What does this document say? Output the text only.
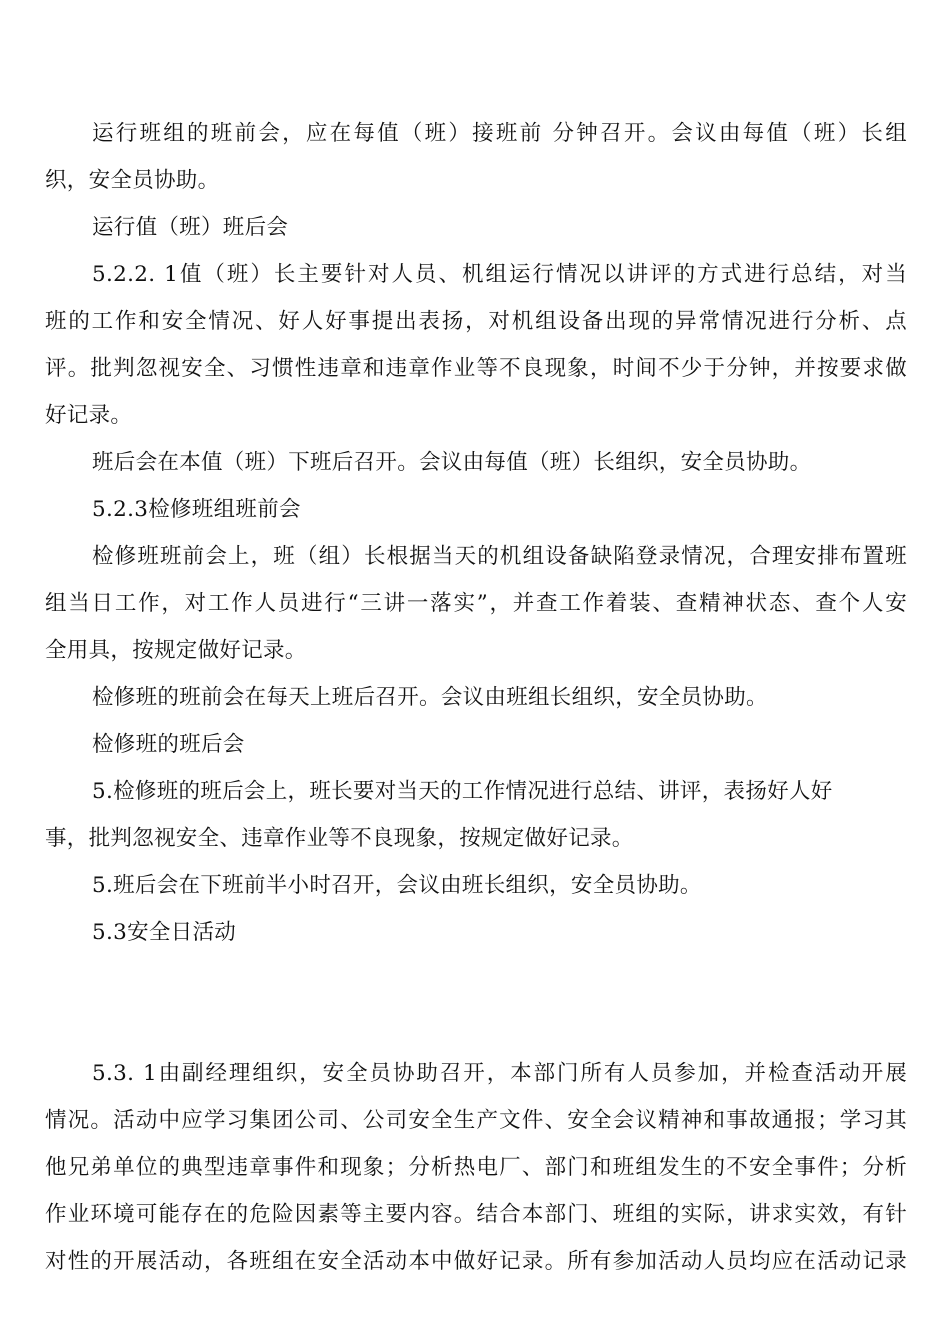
运行班组的班前会，应在每值（班）接班前 分钟召开。会议由每值（班）长组
织，安全员协助。
运行值（班）班后会
5.2.2. 1值（班）长主要针对人员、机组运行情况以讲评的方式进行总结，对当
班的工作和安全情况、好人好事提出表扬，对机组设备出现的异常情况进行分析、点
评。批判忽视安全、习惯性违章和违章作业等不良现象，时间不少于分钟，并按要求做
好记录。
班后会在本值（班）下班后召开。会议由每值（班）长组织，安全员协助。
5.2.3检修班组班前会
检修班班前会上，班（组）长根据当天的机组设备缺陷登录情况，合理安排布置班
组当日工作，对工作人员进行“三讲一落实”，并查工作着装、查精神状态、查个人安
全用具，按规定做好记录。
检修班的班前会在每天上班后召开。会议由班组长组织，安全员协助。
检修班的班后会
5.检修班的班后会上，班长要对当天的工作情况进行总结、讲评，表扬好人好
事，批判忽视安全、违章作业等不良现象，按规定做好记录。
5.班后会在下班前半小时召开，会议由班长组织，安全员协助。
5.3安全日活动
5.3. 1由副经理组织，安全员协助召开，本部门所有人员参加，并检查活动开展
情况。活动中应学习集团公司、公司安全生产文件、安全会议精神和事故通报；学习其
他兄弟单位的典型违章事件和现象；分析热电厂、部门和班组发生的不安全事件；分析
作业环境可能存在的危险因素等主要内容。结合本部门、班组的实际，讲求实效，有针
对性的开展活动，各班组在安全活动本中做好记录。所有参加活动人员均应在活动记录
